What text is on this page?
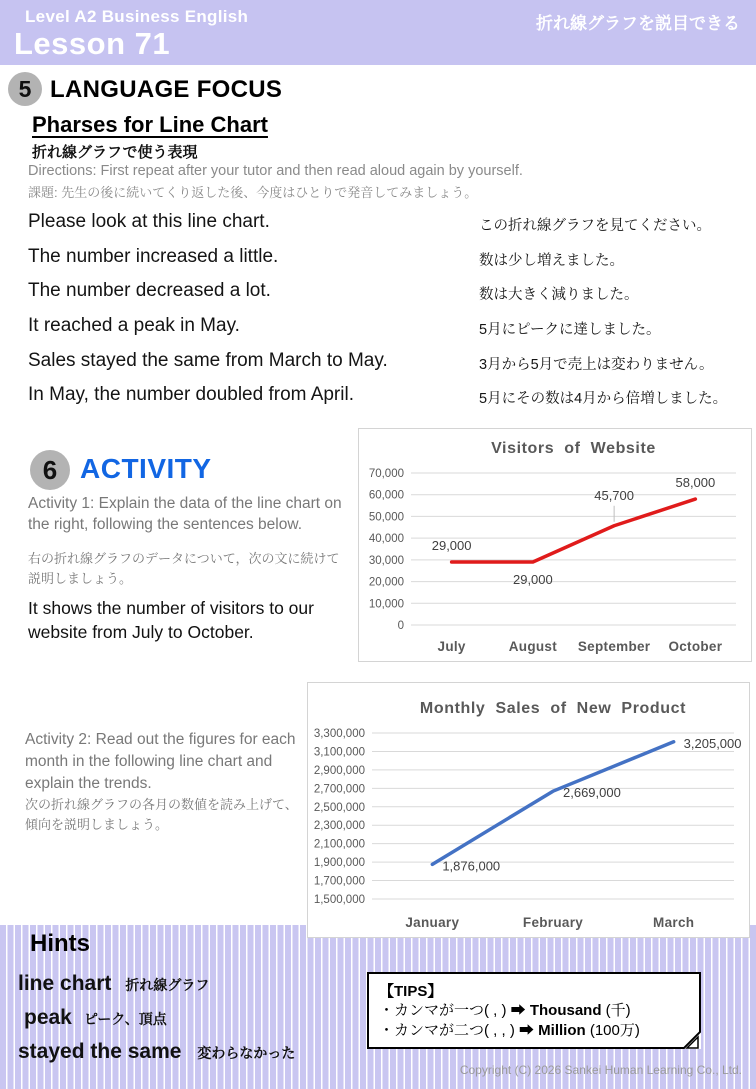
Level A2 Business English
Lesson 71
折れ線グラフを説目できる
5 LANGUAGE FOCUS
Pharses for Line Chart
折れ線グラフで使う表現
Directions: First repeat after your tutor and then read aloud again by yourself.
課題: 先生の後に続いてくり返した後、今度はひとりで発音してみましょう。
Please look at this line chart.	この折れ線グラフを見てください。
The number increased a little.	数は少し増えました。
The number decreased a lot.	数は大きく減りました。
It reached a peak in May.	5月にピークに達しました。
Sales stayed the same from March to May.	3月から5月で売上は変わりません。
In May, the number doubled from April.	5月にその数は4月から倍増しました。
6 ACTIVITY
Activity 1: Explain the data of the line chart on the right, following the sentences below.
右の折れ線グラフのデータについて，次の文に続けて説明しましょう。
It shows the number of visitors to our website from July to October.
Visitors of Website
0
10,000
20,000
30,000
40,000
50,000
60,000
70,000
July	August September October
29,000
29,000
45,700
58,000
Activity 2: Read out the figures for each month in the following line chart and explain the trends.
次の折れ線グラフの各月の数値を読み上げて、傾向を説明しましょう。
Monthly Sales of New Product
1,500,000
1,700,000
1,900,000
2,100,000
2,300,000
2,500,000
2,700,000
2,900,000
3,100,000
3,300,000
January	February	March
1,876,000
2,669,000
3,205,000
Hints
line chart 折れ線グラフ
peak ピーク、頂点
stayed the same 変わらなかった
【TIPS】
・カンマが一つ( , ) ➡ Thousand (千)
・カンマが二つ( , , ) ➡ Million (100万)
Copyright (C) 2026 Sankei Human Learning Co., Ltd.
